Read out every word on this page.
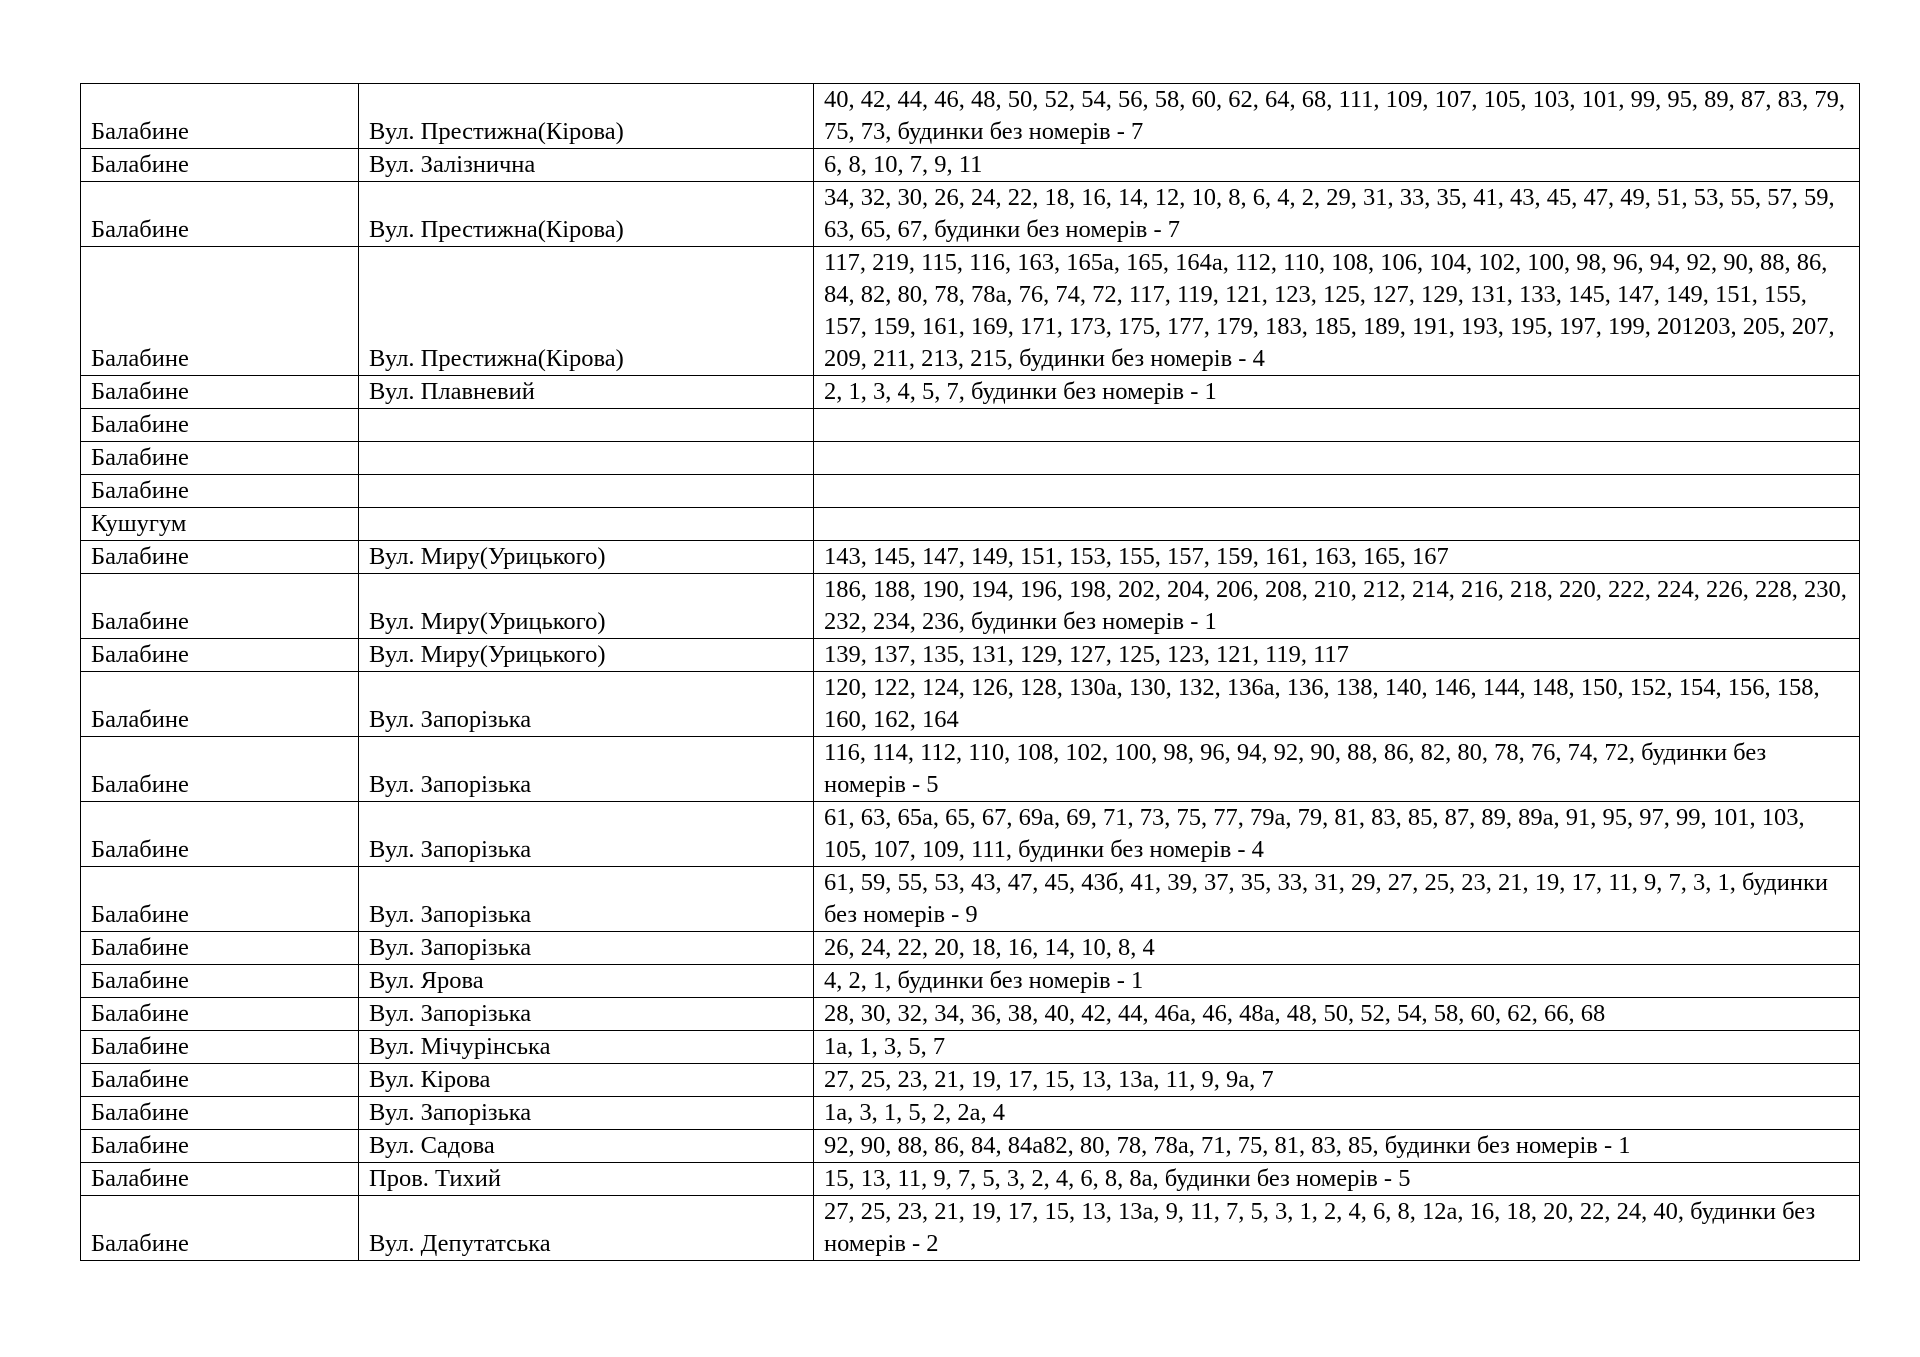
Балабине	Вул. Престижна(Кірова)	40, 42, 44, 46, 48, 50, 52, 54, 56, 58, 60, 62, 64, 68, 111, 109, 107, 105, 103, 101, 99, 95, 89, 87, 83, 79, 75, 73, будинки без номерів - 7
Балабине	Вул. Залізнична	6, 8, 10, 7, 9, 11
Балабине	Вул. Престижна(Кірова)	34, 32, 30, 26, 24, 22, 18, 16, 14, 12, 10, 8, 6, 4, 2, 29, 31, 33, 35, 41, 43, 45, 47, 49, 51, 53, 55, 57, 59, 63, 65, 67, будинки без номерів - 7
Балабине	Вул. Престижна(Кірова)	117, 219, 115, 116, 163, 165а, 165, 164а, 112, 110, 108, 106, 104, 102, 100, 98, 96, 94, 92, 90, 88, 86, 84, 82, 80, 78, 78а, 76, 74, 72, 117, 119, 121, 123, 125, 127, 129, 131, 133, 145, 147, 149, 151, 155, 157, 159, 161, 169, 171, 173, 175, 177, 179, 183, 185, 189, 191, 193, 195, 197, 199, 201203, 205, 207, 209, 211, 213, 215, будинки без номерів - 4
Балабине	Вул. Плавневий	2, 1, 3, 4, 5, 7, будинки без номерів - 1
Балабине		
Балабине		
Балабине		
Кушугум		
Балабине	Вул. Миру(Урицького)	143, 145, 147, 149, 151, 153, 155, 157, 159, 161, 163, 165, 167
Балабине	Вул. Миру(Урицького)	186, 188, 190, 194, 196, 198, 202, 204, 206, 208, 210, 212, 214, 216, 218, 220, 222, 224, 226, 228, 230, 232, 234, 236, будинки без номерів - 1
Балабине	Вул. Миру(Урицького)	139, 137, 135, 131, 129, 127, 125, 123, 121, 119, 117
Балабине	Вул. Запорізька	120, 122, 124, 126, 128, 130а, 130, 132, 136а, 136, 138, 140, 146, 144, 148, 150, 152, 154, 156, 158, 160, 162, 164
Балабине	Вул. Запорізька	116, 114, 112, 110, 108, 102, 100, 98, 96, 94, 92, 90, 88, 86, 82, 80, 78, 76, 74, 72, будинки без номерів - 5
Балабине	Вул. Запорізька	61, 63, 65а, 65, 67, 69а, 69, 71, 73, 75, 77, 79а, 79, 81, 83, 85, 87, 89, 89а, 91, 95, 97, 99, 101, 103, 105, 107, 109, 111, будинки без номерів - 4
Балабине	Вул. Запорізька	61, 59, 55, 53, 43, 47, 45, 43б, 41, 39, 37, 35, 33, 31, 29, 27, 25, 23, 21, 19, 17, 11, 9, 7, 3, 1, будинки без номерів - 9
Балабине	Вул. Запорізька	26, 24, 22, 20, 18, 16, 14, 10, 8, 4
Балабине	Вул. Ярова	4, 2, 1, будинки без номерів - 1
Балабине	Вул. Запорізька	28, 30, 32, 34, 36, 38, 40, 42, 44, 46а, 46, 48а, 48, 50, 52, 54, 58, 60, 62, 66, 68
Балабине	Вул. Мічурінська	1а, 1, 3, 5, 7
Балабине	Вул. Кірова	27, 25, 23, 21, 19, 17, 15, 13, 13а, 11, 9, 9а, 7
Балабине	Вул. Запорізька	1а, 3, 1, 5, 2, 2а, 4
Балабине	Вул. Садова	92, 90, 88, 86, 84, 84а82, 80, 78, 78а, 71, 75, 81, 83, 85, будинки без номерів - 1
Балабине	Пров. Тихий	15, 13, 11, 9, 7, 5, 3, 2, 4, 6, 8, 8а, будинки без номерів - 5
Балабине	Вул. Депутатська	27, 25, 23, 21, 19, 17, 15, 13, 13а, 9, 11, 7, 5, 3, 1, 2, 4, 6, 8, 12а, 16, 18, 20, 22, 24, 40, будинки без номерів - 2
